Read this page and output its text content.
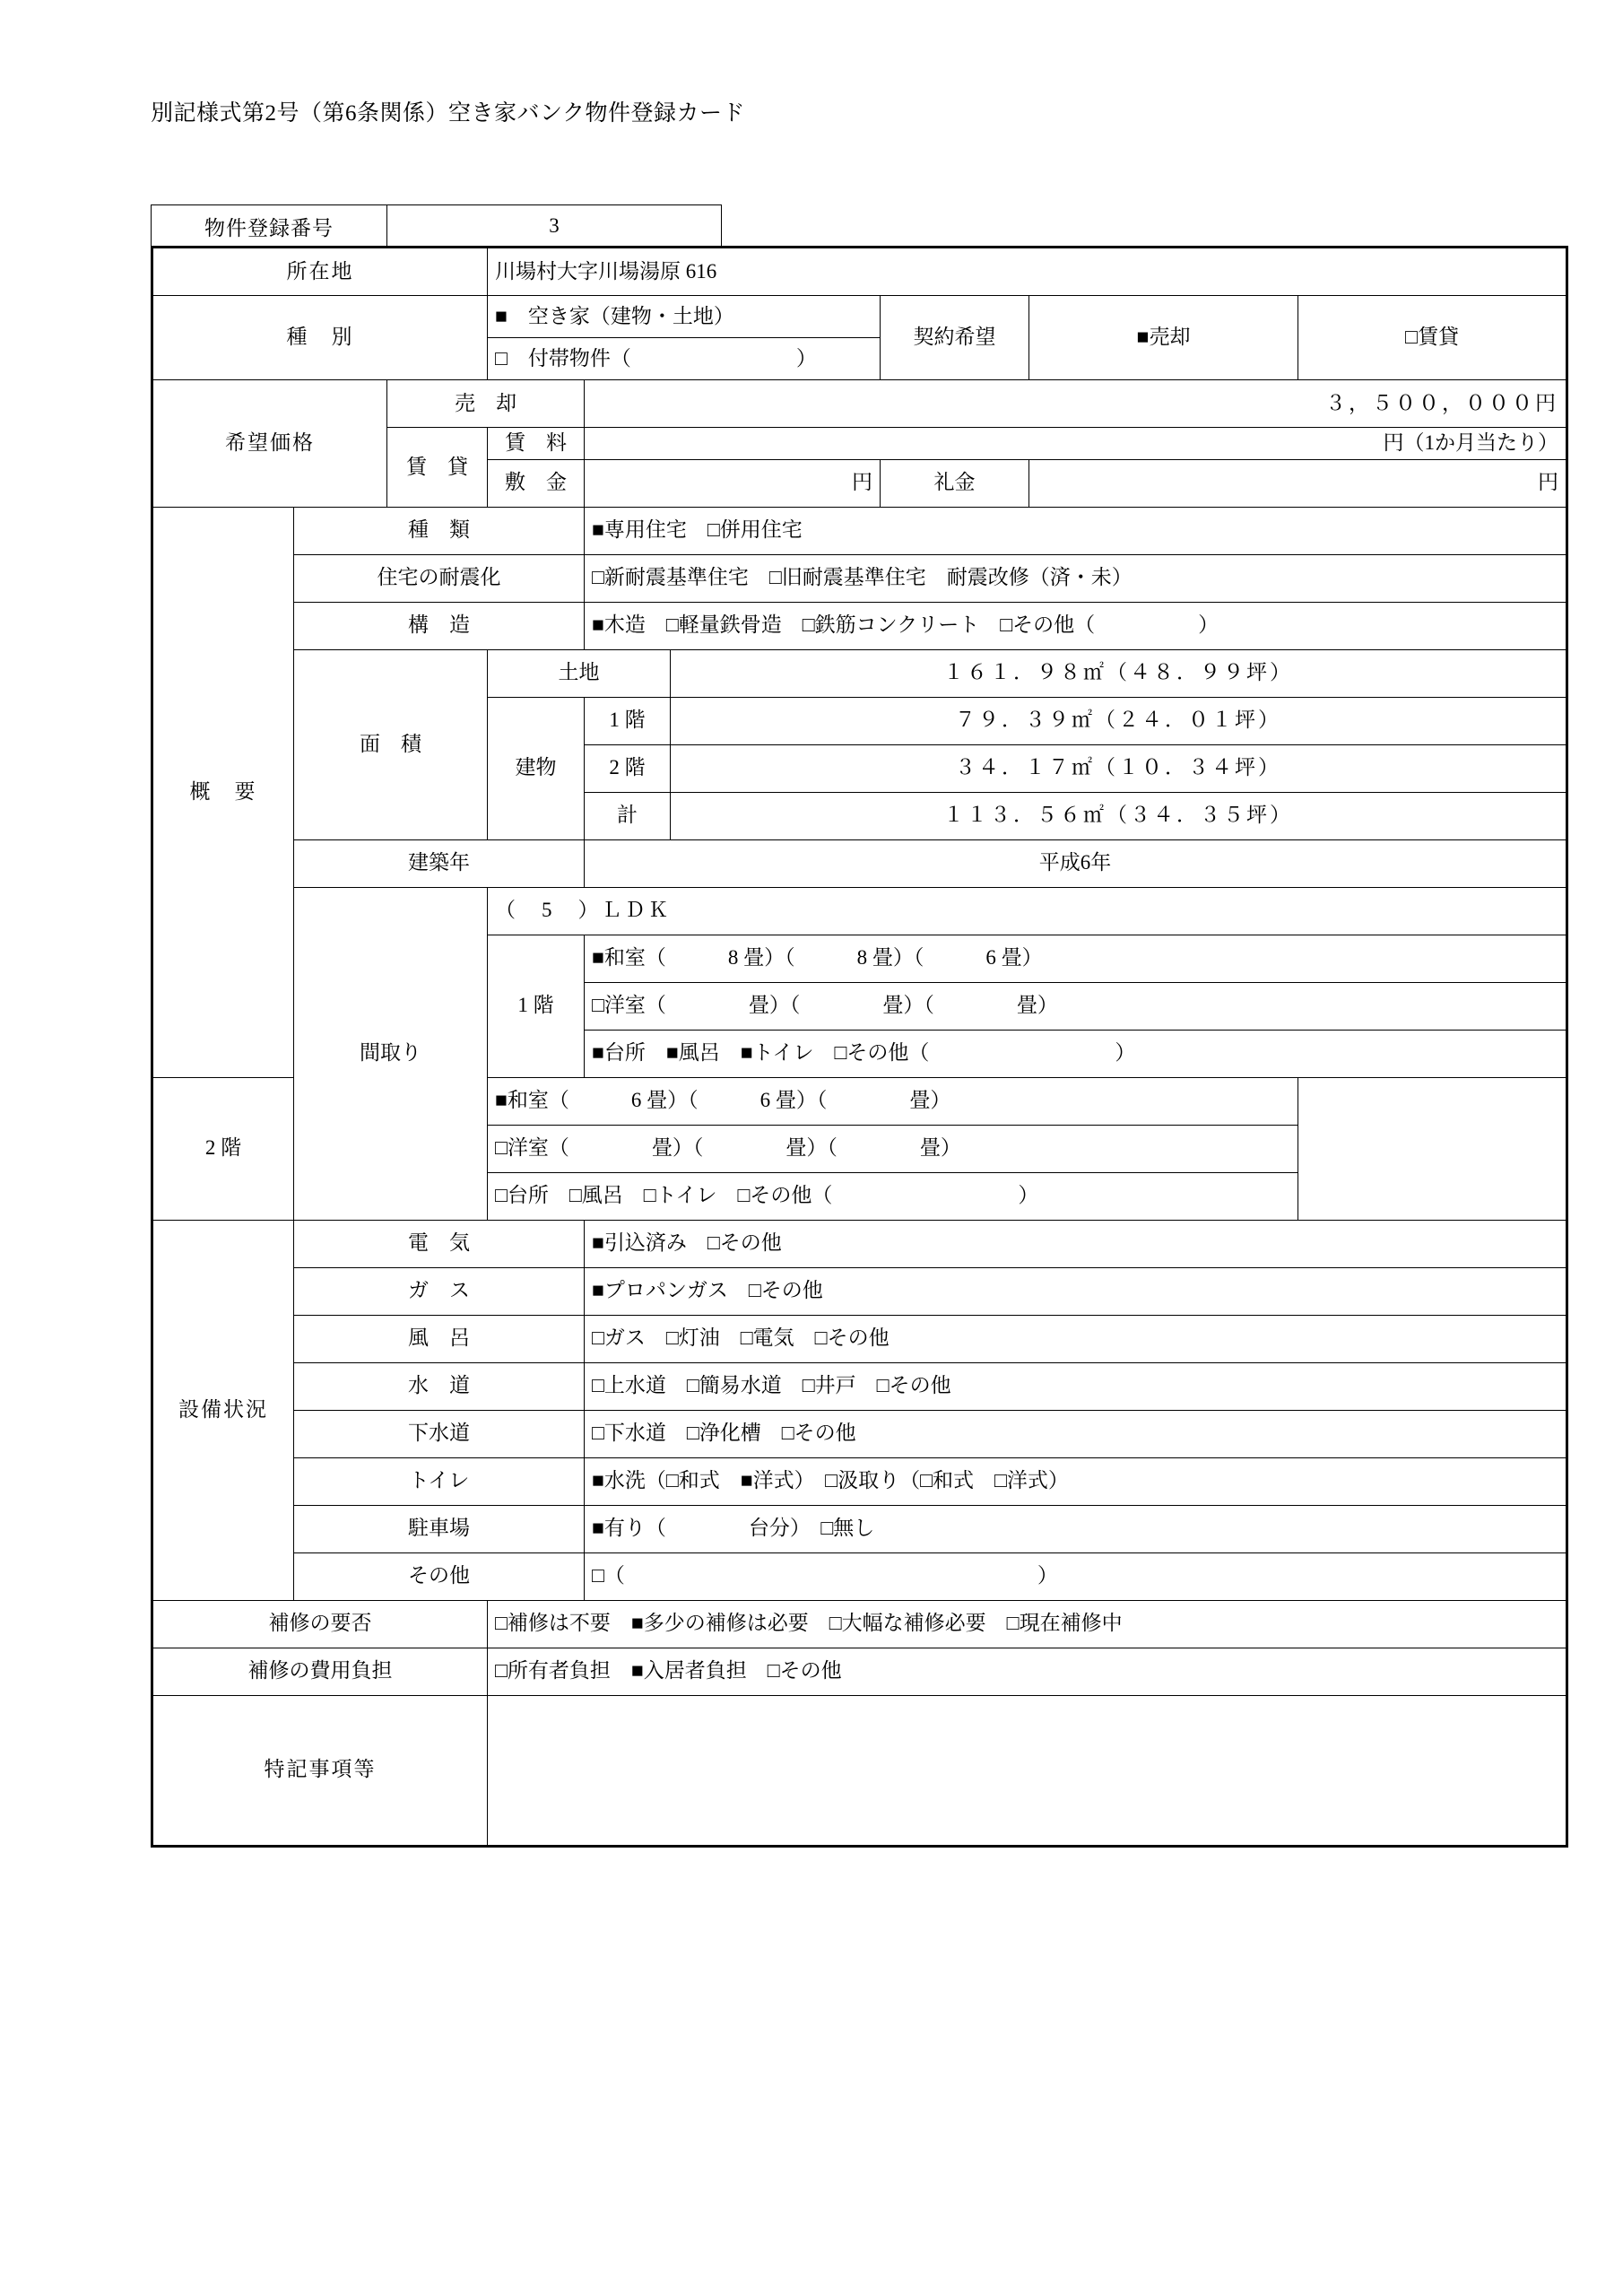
別記様式第2号（第6条関係）空き家バンク物件登録カード
物件登録番号	3
所在地			川場村大字川場湯原 616					
種　別			■　空き家（建物・土地）			契約希望	■売却	□賃貸
			□　付帯物件（　　　　　　　　）					
希望価格		売　却		３，５００，０００円				
		賃　貸	賃　料	円（1か月当たり）				
			敷　金	円		礼金	円	
概　要	種　類			■専用住宅　□併用住宅				
	住宅の耐震化			□新耐震基準住宅　□旧耐震基準住宅　耐震改修（済・未）				
	構　造			■木造　□軽量鉄骨造　□鉄筋コンクリート　□その他（　　　　　）				
	面　積		土地		１６１．９８㎡（４８．９９坪）			
			建物	1 階	７９．３９㎡（２４．０１坪）			
				2 階	３４．１７㎡（１０．３４坪）			
				計	１１３．５６㎡（３４．３５坪）			
	建築年			平成6年				
	間取り		（　5　）ＬＤＫ					
			1 階	■和室（　　　8 畳）（　　　8 畳）（　　　6 畳）				
				□洋室（　　　　畳）（　　　　畳）（　　　　畳）				
				■台所　■風呂　■トイレ　□その他（　　　　　　　　　）				
2 階			■和室（　　　6 畳）（　　　6 畳）（　　　　畳）					
			□洋室（　　　　畳）（　　　　畳）（　　　　畳）					
			□台所　□風呂　□トイレ　□その他（　　　　　　　　　）					
設備状況	電　気			■引込済み　□その他				
	ガ　ス			■プロパンガス　□その他				
	風　呂			□ガス　□灯油　□電気　□その他				
	水　道			□上水道　□簡易水道　□井戸　□その他				
	下水道			□下水道　□浄化槽　□その他				
	トイレ			■水洗（□和式　■洋式）　□汲取り（□和式　□洋式）				
	駐車場			■有り（　　　　台分）　□無し				
	その他			□（　　　　　　　　　　　　　　　　　　　　）				
補修の要否			□補修は不要　■多少の補修は必要　□大幅な補修必要　□現在補修中					
補修の費用負担			□所有者負担　■入居者負担　□その他					
特記事項等								
